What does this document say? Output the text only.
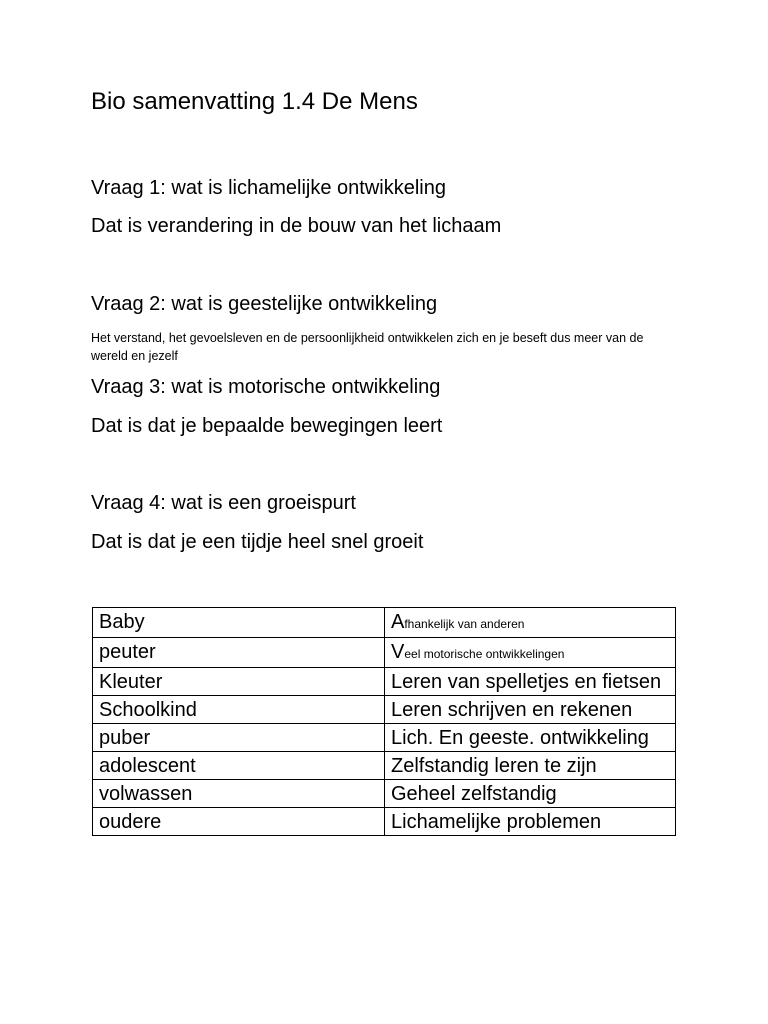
Bio samenvatting 1.4 De Mens

Vraag 1: wat is lichamelijke ontwikkeling

Dat is verandering in de bouw van het lichaam

Vraag 2: wat is geestelijke ontwikkeling

Het verstand, het gevoelsleven en de persoonlijkheid ontwikkelen zich en je beseft dus meer van de wereld en jezelf

Vraag 3: wat is motorische ontwikkeling

Dat is dat je bepaalde bewegingen leert

Vraag 4: wat is een groeispurt

Dat is dat je een tijdje heel snel groeit

Baby	Afhankelijk van anderen
peuter	Veel motorische ontwikkelingen
Kleuter	Leren van spelletjes en fietsen
Schoolkind	Leren schrijven en rekenen
puber	Lich. En geeste. ontwikkeling
adolescent	Zelfstandig leren te zijn
volwassen	Geheel zelfstandig
oudere	Lichamelijke problemen
